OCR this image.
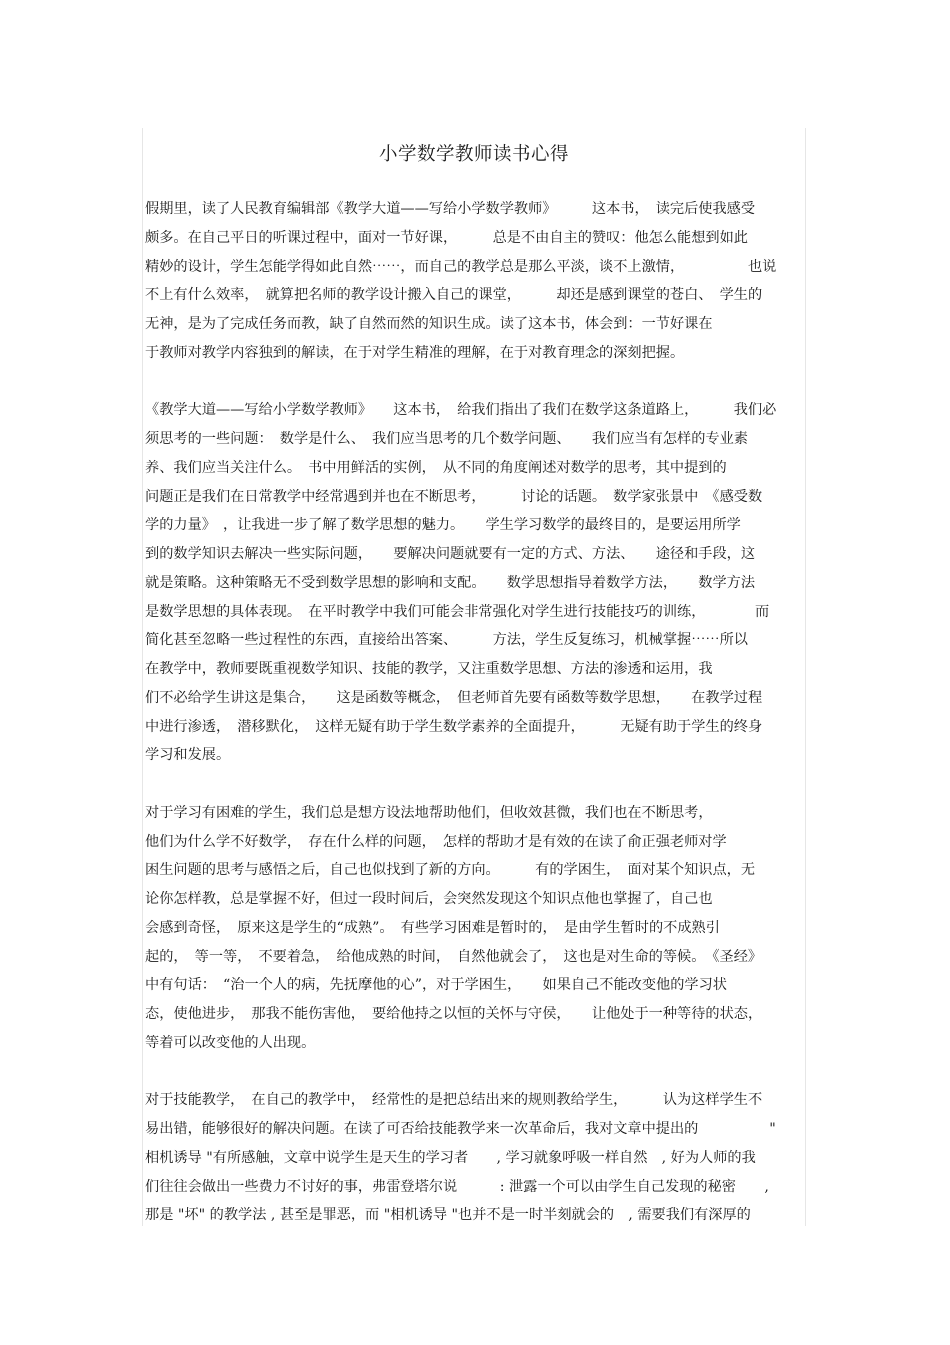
小学数学教师读书心得
假期里，读了人民教育编辑部《教学大道——写给小学数学教师》　　　这本书，　读完后使我感受
颇多。在自己平日的听课过程中，面对一节好课，　　　总是不由自主的赞叹：他怎么能想到如此
精妙的设计，学生怎能学得如此自然⋯⋯，而自己的教学总是那么平淡，谈不上激情，　　　　　也说
不上有什么效率，　就算把名师的教学设计搬入自己的课堂，　　　却还是感到课堂的苍白、　学生的
无神，是为了完成任务而教，缺了自然而然的知识生成。读了这本书，体会到：一节好课在
于教师对教学内容独到的解读，在于对学生精准的理解，在于对教育理念的深刻把握。
《教学大道——写给小学数学教师》　　这本书，　给我们指出了我们在数学这条道路上，　　　我们必
须思考的一些问题：　数学是什么、　我们应当思考的几个数学问题、　　我们应当有怎样的专业素
养、我们应当关注什么。　书中用鲜活的实例，　从不同的角度阐述对数学的思考，其中提到的
问题正是我们在日常教学中经常遇到并也在不断思考，　　　讨论的话题。　数学家张景中　《感受数
学的力量》　，让我进一步了解了数学思想的魅力。　　学生学习数学的最终目的，是要运用所学
到的数学知识去解决一些实际问题，　　要解决问题就要有一定的方式、方法、　　途径和手段，这
就是策略。这种策略无不受到数学思想的影响和支配。　　数学思想指导着数学方法，　　数学方法
是数学思想的具体表现。　在平时教学中我们可能会非常强化对学生进行技能技巧的训练，　　　　而
简化甚至忽略一些过程性的东西，直接给出答案、　　　方法，学生反复练习，机械掌握⋯⋯所以
在教学中，教师要既重视数学知识、技能的教学，又注重数学思想、方法的渗透和运用，我
们不必给学生讲这是集合，　　这是函数等概念，　但老师首先要有函数等数学思想，　　在教学过程
中进行渗透，　潜移默化，　这样无疑有助于学生数学素养的全面提升，　　　无疑有助于学生的终身
学习和发展。
对于学习有困难的学生，我们总是想方设法地帮助他们，但收效甚微，我们也在不断思考，
他们为什么学不好数学，　存在什么样的问题，　怎样的帮助才是有效的在读了俞正强老师对学
困生问题的思考与感悟之后，自己也似找到了新的方向。　　　有的学困生，　面对某个知识点，无
论你怎样教，总是掌握不好，但过一段时间后，会突然发现这个知识点他也掌握了，自己也
会感到奇怪，　原来这是学生的“成熟”。　有些学习困难是暂时的，　是由学生暂时的不成熟引
起的，　等一等，　不要着急，　给他成熟的时间，　自然他就会了，　这也是对生命的等候。　《圣经》
中有句话：　“治一个人的病，先抚摩他的心”，对于学困生，　　如果自己不能改变他的学习状
态，使他进步，　那我不能伤害他，　要给他持之以恒的关怀与守侯，　　让他处于一种等待的状态，
等着可以改变他的人出现。
对于技能教学，　在自己的教学中，　经常性的是把总结出来的规则教给学生，　　　认为这样学生不
易出错，能够很好的解决问题。在读了可否给技能教学来一次革命后，我对文章中提出的　　　　　"
相机诱导 "有所感触，文章中说学生是天生的学习者　　, 学习就象呼吸一样自然　, 好为人师的我
们往往会做出一些费力不讨好的事，弗雷登塔尔说　　　: 泄露一个可以由学生自己发现的秘密　　,
那是 "坏" 的教学法 , 甚至是罪恶，而 "相机诱导 "也并不是一时半刻就会的　, 需要我们有深厚的
